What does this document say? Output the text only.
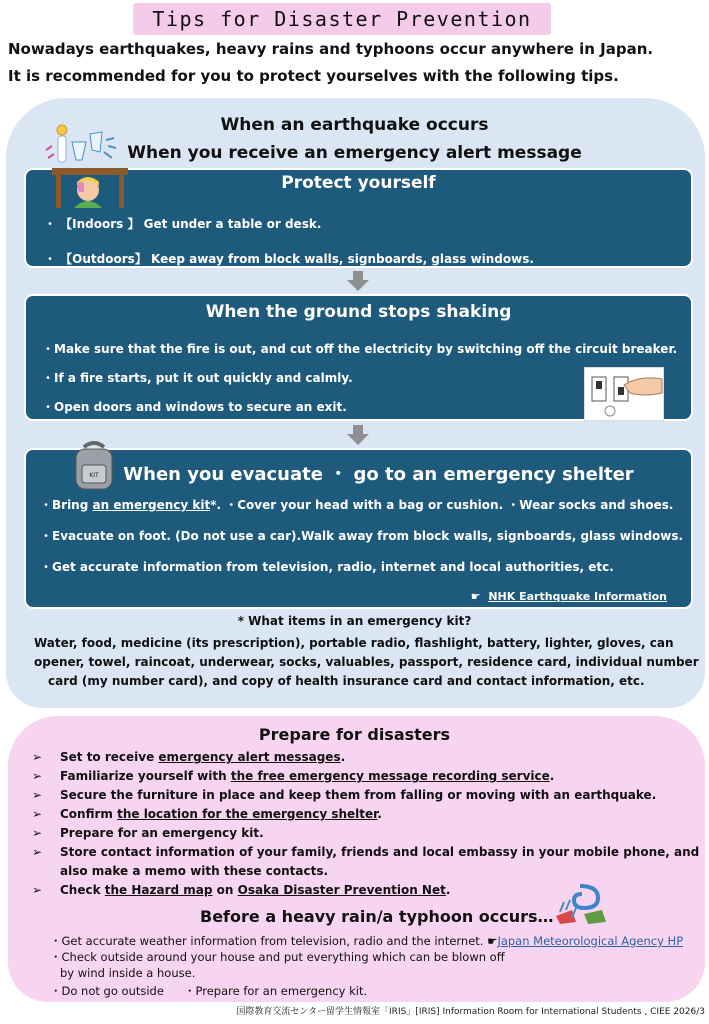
Tips for Disaster Prevention
Nowadays earthquakes, heavy rains and typhoons occur anywhere in Japan.
It is recommended for you to protect yourselves with the following tips.
When an earthquake occurs
When you receive an emergency alert message
Protect yourself
・ 【Indoors 】 Get under a table or desk.
・ 【Outdoors】 Keep away from block walls, signboards, glass windows.
When the ground stops shaking
・Make sure that the fire is out, and cut off the electricity by switching off the circuit breaker.
・If a fire starts, put it out quickly and calmly.
・Open doors and windows to secure an exit.
When you evacuate ・ go to an emergency shelter
・Bring an emergency kit*. ・Cover your head with a bag or cushion. ・Wear socks and shoes.
・Evacuate on foot. (Do not use a car).Walk away from block walls, signboards, glass windows.
・Get accurate information from television, radio, internet and local authorities, etc.
☛ NHK Earthquake Information
KIT
* What items in an emergency kit?
Water, food, medicine (its prescription), portable radio, flashlight, battery, lighter, gloves, can
opener, towel, raincoat, underwear, socks, valuables, passport, residence card, individual number
card (my number card), and copy of health insurance card and contact information, etc.
Prepare for disasters
➢ Set to receive emergency alert messages.
➢ Familiarize yourself with the free emergency message recording service.
➢ Secure the furniture in place and keep them from falling or moving with an earthquake.
➢ Confirm the location for the emergency shelter.
➢ Prepare for an emergency kit.
➢ Store contact information of your family, friends and local embassy in your mobile phone, and
also make a memo with these contacts.
➢ Check the Hazard map on Osaka Disaster Prevention Net.
Before a heavy rain/a typhoon occurs…
・Get accurate weather information from television, radio and the internet. ☛Japan Meteorological Agency HP
・Check outside around your house and put everything which can be blown off
by wind inside a house.
・Do not go outside ・Prepare for an emergency kit.
国際教育交流センター留学生情報室「IRIS」[IRIS] Information Room for International Students , CIEE 2026/3
